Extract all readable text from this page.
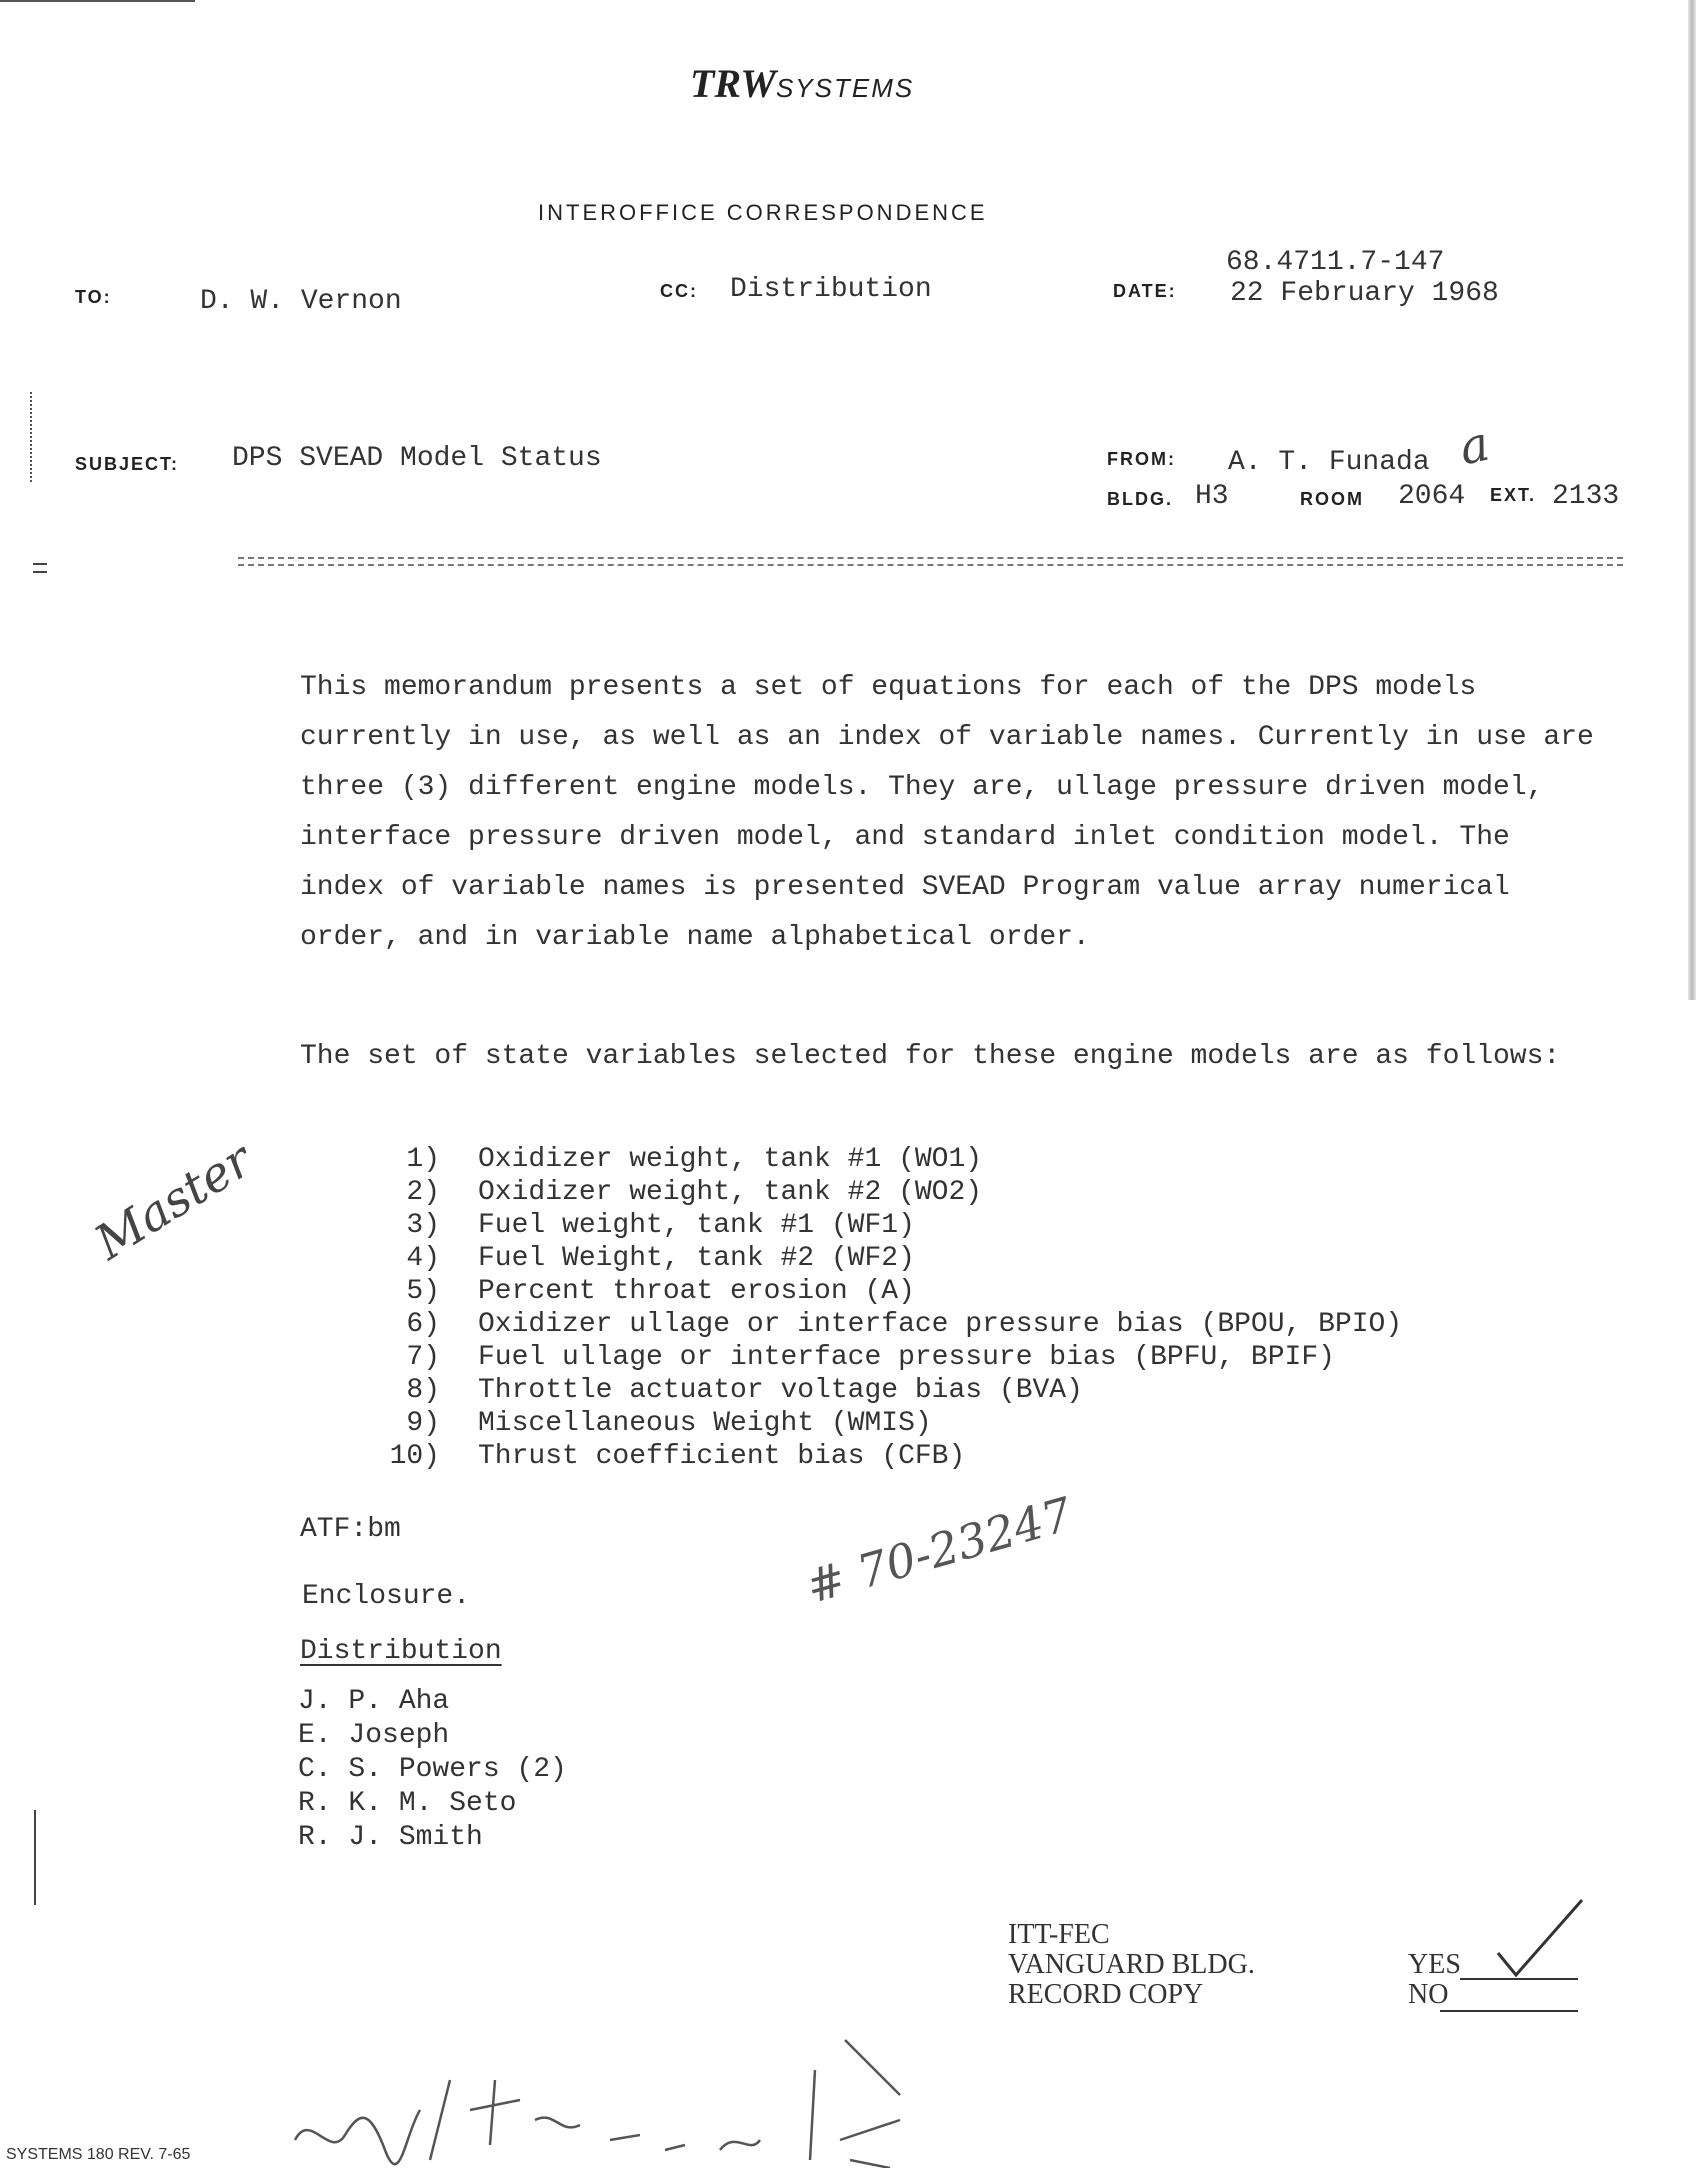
TRWSYSTEMS
INTEROFFICE CORRESPONDENCE
TO:	D. W. Vernon	CC: Distribution
68.4711.7-147
DATE: 22 February 1968
SUBJECT: DPS SVEAD Model Status	FROM: A. T. Funada a
BLDG. H3	ROOM 2064 EXT. 2133
This memorandum presents a set of equations for each of the DPS models currently in use, as well as an index of variable names. Currently in use are three (3) different engine models. They are, ullage pressure driven model, interface pressure driven model, and standard inlet condition model. The index of variable names is presented SVEAD Program value array numerical order, and in variable name alphabetical order.
The set of state variables selected for these engine models are as follows:
1)	Oxidizer weight, tank #1 (WO1)
2)	Oxidizer weight, tank #2 (WO2)
3)	Fuel weight, tank #1 (WF1)
4)	Fuel Weight, tank #2 (WF2)
5)	Percent throat erosion (A)
6)	Oxidizer ullage or interface pressure bias (BPOU, BPIO)
7)	Fuel ullage or interface pressure bias (BPFU, BPIF)
8)	Throttle actuator voltage bias (BVA)
9)	Miscellaneous Weight (WMIS)
10)	Thrust coefficient bias (CFB)
Master
ATF:bm
Enclosure.
Distribution
J. P. Aha
E. Joseph
C. S. Powers (2)
R. K. M. Seto
R. J. Smith
# 70-23247
ITT-FEC
VANGUARD BLDG.
RECORD COPY
YES
NO
SYSTEMS 180 REV. 7-65
